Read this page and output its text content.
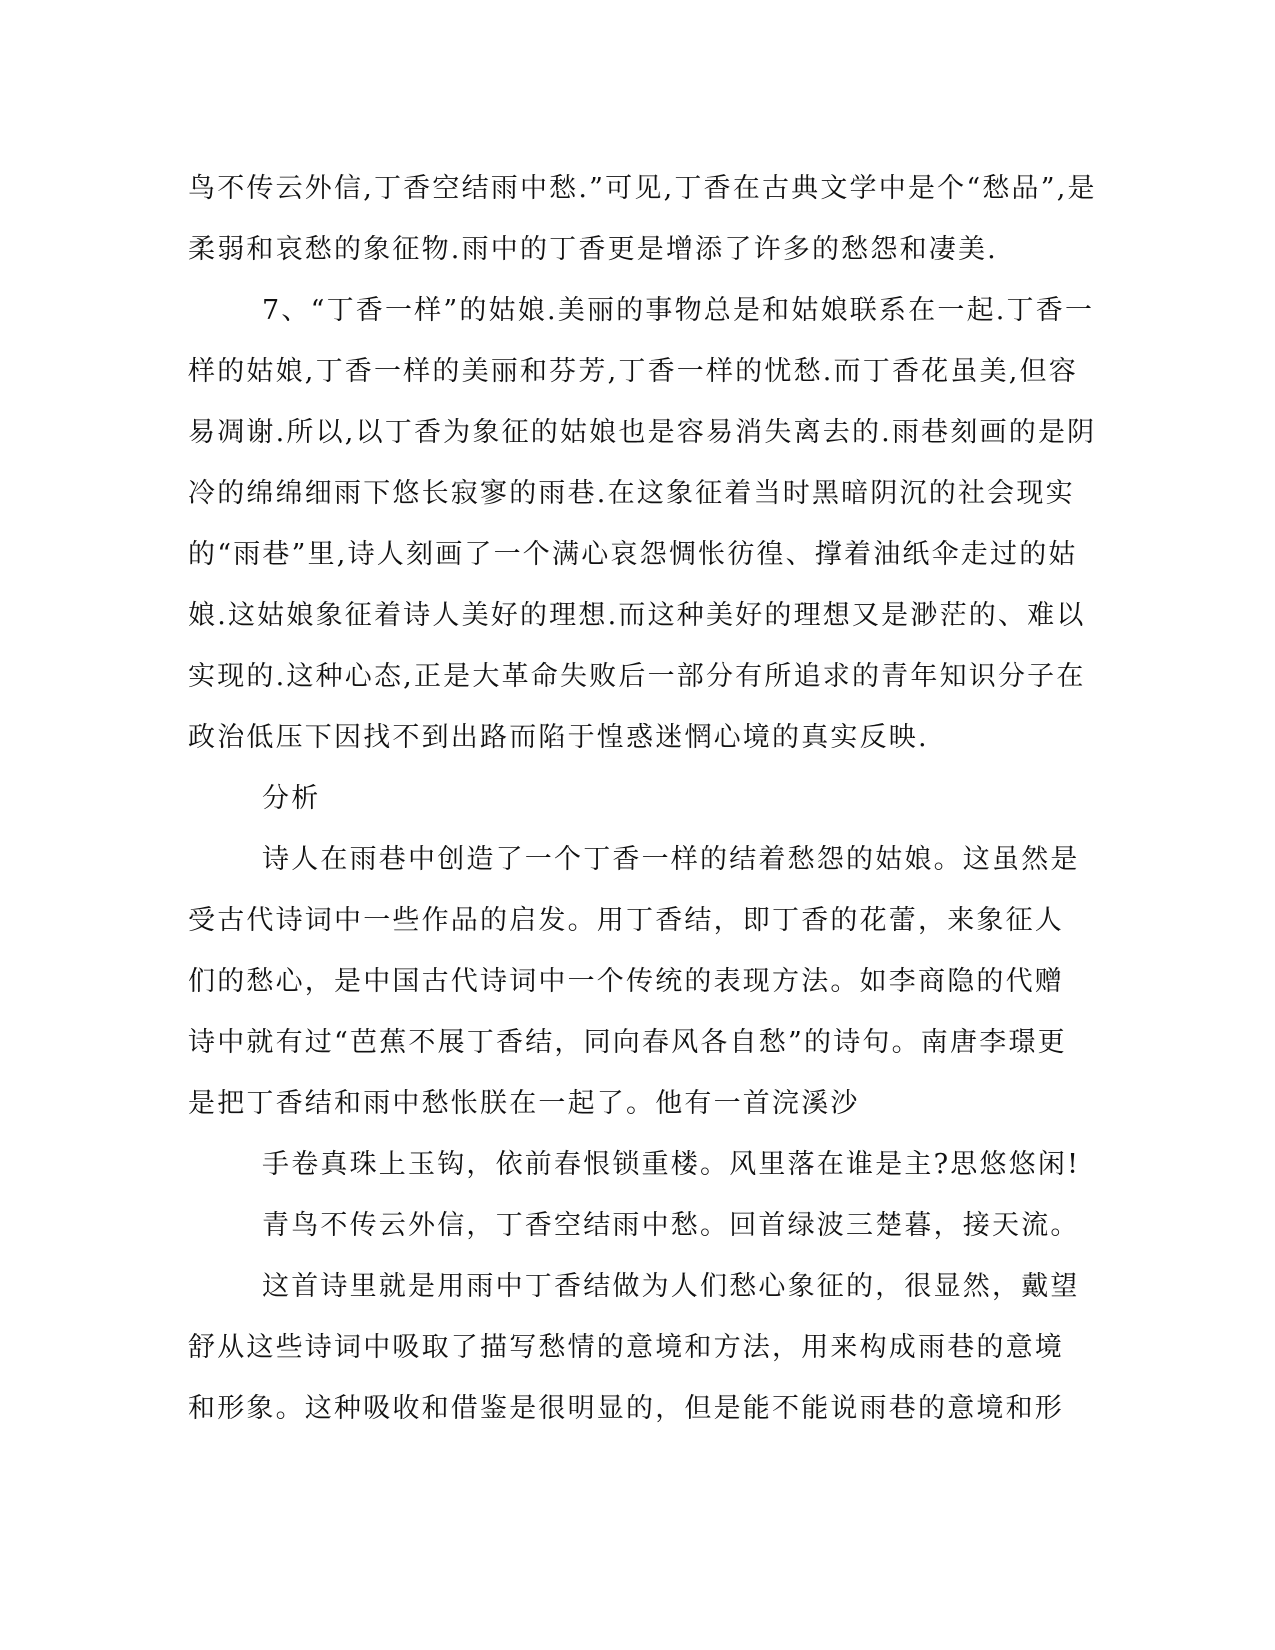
鸟不传云外信,丁香空结雨中愁.”可见,丁香在古典文学中是个“愁品”,是
柔弱和哀愁的象征物.雨中的丁香更是增添了许多的愁怨和凄美.
7、“丁香一样”的姑娘.美丽的事物总是和姑娘联系在一起.丁香一
样的姑娘,丁香一样的美丽和芬芳,丁香一样的忧愁.而丁香花虽美,但容
易凋谢.所以,以丁香为象征的姑娘也是容易消失离去的.雨巷刻画的是阴
冷的绵绵细雨下悠长寂寥的雨巷.在这象征着当时黑暗阴沉的社会现实
的“雨巷”里,诗人刻画了一个满心哀怨惆怅彷徨、撑着油纸伞走过的姑
娘.这姑娘象征着诗人美好的理想.而这种美好的理想又是渺茫的、难以
实现的.这种心态,正是大革命失败后一部分有所追求的青年知识分子在
政治低压下因找不到出路而陷于惶惑迷惘心境的真实反映.
分析
诗人在雨巷中创造了一个丁香一样的结着愁怨的姑娘。这虽然是
受古代诗词中一些作品的启发。用丁香结，即丁香的花蕾，来象征人
们的愁心，是中国古代诗词中一个传统的表现方法。如李商隐的代赠
诗中就有过“芭蕉不展丁香结，同向春风各自愁”的诗句。南唐李璟更
是把丁香结和雨中愁怅朕在一起了。他有一首浣溪沙
手卷真珠上玉钩，依前春恨锁重楼。风里落在谁是主?思悠悠闲!
青鸟不传云外信，丁香空结雨中愁。回首绿波三楚暮，接天流。
这首诗里就是用雨中丁香结做为人们愁心象征的，很显然，戴望
舒从这些诗词中吸取了描写愁情的意境和方法，用来构成雨巷的意境
和形象。这种吸收和借鉴是很明显的，但是能不能说雨巷的意境和形
